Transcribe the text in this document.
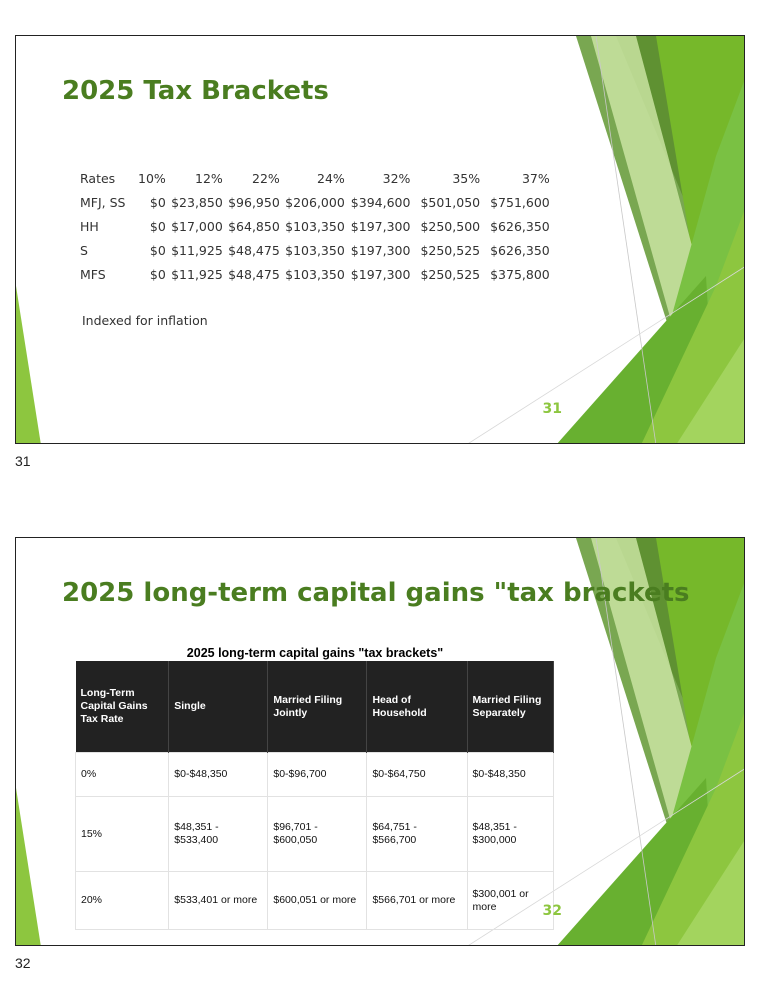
2025 Tax Brackets
Rates	10%	12%	22%	24%	32%	35%	37%
MFJ, SS	$0	$23,850	$96,950	$206,000	$394,600	$501,050	$751,600
HH	$0	$17,000	$64,850	$103,350	$197,300	$250,500	$626,350
S	$0	$11,925	$48,475	$103,350	$197,300	$250,525	$626,350
MFS	$0	$11,925	$48,475	$103,350	$197,300	$250,525	$375,800
Indexed for inflation
31
31
2025 long-term capital gains "tax brackets
2025 long-term capital gains "tax brackets"
Long-Term Capital Gains Tax Rate	Single	Married Filing Jointly	Head of Household	Married Filing Separately
0%	$0-$48,350	$0-$96,700	$0-$64,750	$0-$48,350
15%	$48,351 - $533,400	$96,701 - $600,050	$64,751 - $566,700	$48,351 - $300,000
20%	$533,401 or more	$600,051 or more	$566,701 or more	$300,001 or more	32
32
